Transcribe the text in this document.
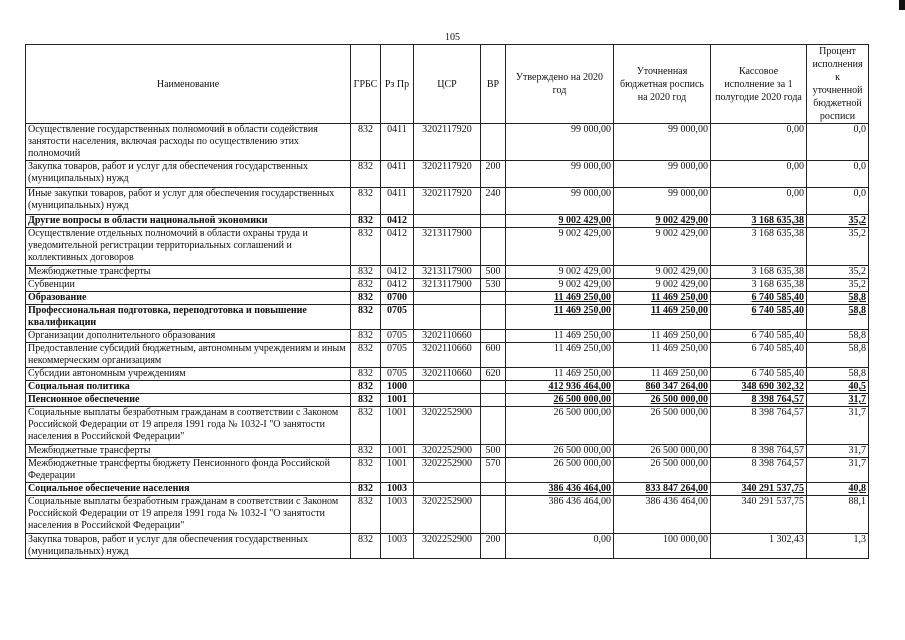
105
Наименование	ГРБС	Рз Пр	ЦСР	ВР	Утверждено на 2020 год	Уточненная бюджетная роспись на 2020 год	Кассовое исполнение за 1 полугодие 2020 года	Процент исполнения к уточненной бюджетной росписи
Осуществление государственных полномочий в области содействия занятости населения, включая расходы по осуществлению этих полномочий	832	0411	3202117920		99 000,00	99 000,00	0,00	0,0
Закупка товаров, работ и услуг для обеспечения государственных (муниципальных) нужд	832	0411	3202117920	200	99 000,00	99 000,00	0,00	0,0
Иные закупки товаров, работ и услуг для обеспечения государственных (муниципальных) нужд	832	0411	3202117920	240	99 000,00	99 000,00	0,00	0,0
Другие вопросы в области национальной экономики	832	0412			9 002 429,00	9 002 429,00	3 168 635,38	35,2
Осуществление отдельных полномочий в области охраны труда и уведомительной регистрации территориальных соглашений и коллективных договоров	832	0412	3213117900		9 002 429,00	9 002 429,00	3 168 635,38	35,2
Межбюджетные трансферты	832	0412	3213117900	500	9 002 429,00	9 002 429,00	3 168 635,38	35,2
Субвенции	832	0412	3213117900	530	9 002 429,00	9 002 429,00	3 168 635,38	35,2
Образование	832	0700			11 469 250,00	11 469 250,00	6 740 585,40	58,8
Профессиональная подготовка, переподготовка и повышение квалификации	832	0705			11 469 250,00	11 469 250,00	6 740 585,40	58,8
Организации дополнительного образования	832	0705	3202110660		11 469 250,00	11 469 250,00	6 740 585,40	58,8
Предоставление субсидий бюджетным, автономным учреждениям и иным некоммерческим организациям	832	0705	3202110660	600	11 469 250,00	11 469 250,00	6 740 585,40	58,8
Субсидии автономным учреждениям	832	0705	3202110660	620	11 469 250,00	11 469 250,00	6 740 585,40	58,8
Социальная политика	832	1000			412 936 464,00	860 347 264,00	348 690 302,32	40,5
Пенсионное обеспечение	832	1001			26 500 000,00	26 500 000,00	8 398 764,57	31,7
Социальные выплаты безработным гражданам в соответствии с Законом Российской Федерации от 19 апреля 1991 года № 1032-I "О занятости населения в Российской Федерации"	832	1001	3202252900		26 500 000,00	26 500 000,00	8 398 764,57	31,7
Межбюджетные трансферты	832	1001	3202252900	500	26 500 000,00	26 500 000,00	8 398 764,57	31,7
Межбюджетные трансферты бюджету Пенсионного фонда Российской Федерации	832	1001	3202252900	570	26 500 000,00	26 500 000,00	8 398 764,57	31,7
Социальное обеспечение населения	832	1003			386 436 464,00	833 847 264,00	340 291 537,75	40,8
Социальные выплаты безработным гражданам в соответствии с Законом Российской Федерации от 19 апреля 1991 года № 1032-I "О занятости населения в Российской Федерации"	832	1003	3202252900		386 436 464,00	386 436 464,00	340 291 537,75	88,1
Закупка товаров, работ и услуг для обеспечения государственных (муниципальных) нужд	832	1003	3202252900	200	0,00	100 000,00	1 302,43	1,3
